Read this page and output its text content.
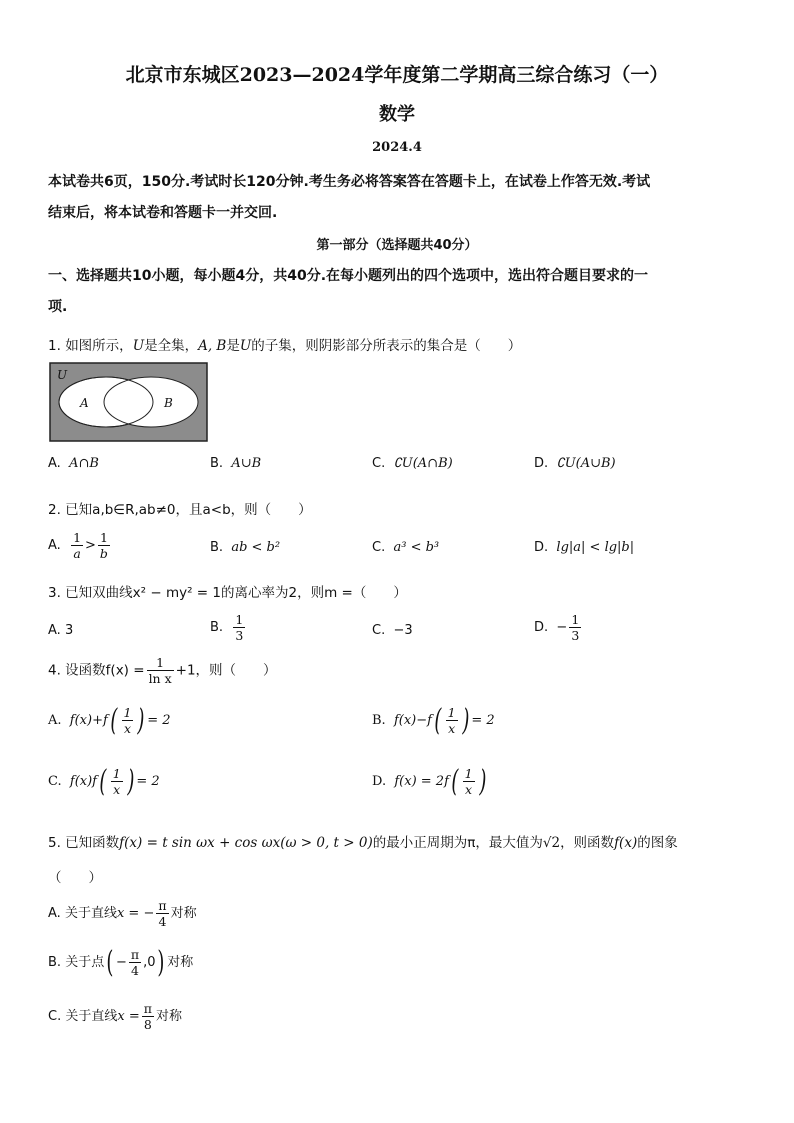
北京市东城区2023—2024学年度第二学期高三综合练习（一）
数学
2024.4
本试卷共6页，150分.考试时长120分钟.考生务必将答案答在答题卡上，在试卷上作答无效.考试
结束后，将本试卷和答题卡一并交回.
第一部分（选择题共40分）
一、选择题共10小题，每小题4分，共40分.在每小题列出的四个选项中，选出符合题目要求的一
项.
1. 如图所示，U是全集，A, B是U的子集，则阴影部分所表示的集合是（　　）
U
A	B
A. A∩B	B. A∪B	C. ∁U(A∩B)	D. ∁U(A∪B)
2. 已知a,b∈R,ab≠0，且a<b，则（　　）
A. $\frac{1}{a} > \frac{1}{b}$	B. ab < b²	C. a³ < b³	D. lg|a| < lg|b|
3. 已知双曲线x² − my² = 1的离心率为2，则m =（　　）
A. 3	B. $\frac{1}{3}$	C. −3	D. − $\frac{1}{3}$
4. 设函数$f(x) = \frac{1}{\text{ln x}} +1$，则（　　）
A. $f(x)+f( \frac{1}{x}$ ) = 2	B. $f(x)-f( \frac{1}{x}$ ) = 2
C. $f(x)f( \frac{1}{x}$ ) = 2	D. $f(x) = 2f( \frac{1}{x}$ )
5. 已知函数f(x) = t sin ωx + cos ωx(ω > 0, t > 0)的最小正周期为π，最大值为√2，则函数f(x)的图象
（　　）
A. 关于直线x = − $\frac{\pi}{4}$ 对称
B. 关于点( − $\frac{\pi}{4} ,0$) 对称
C. 关于直线$x = \frac{\pi}{8}$ 对称
